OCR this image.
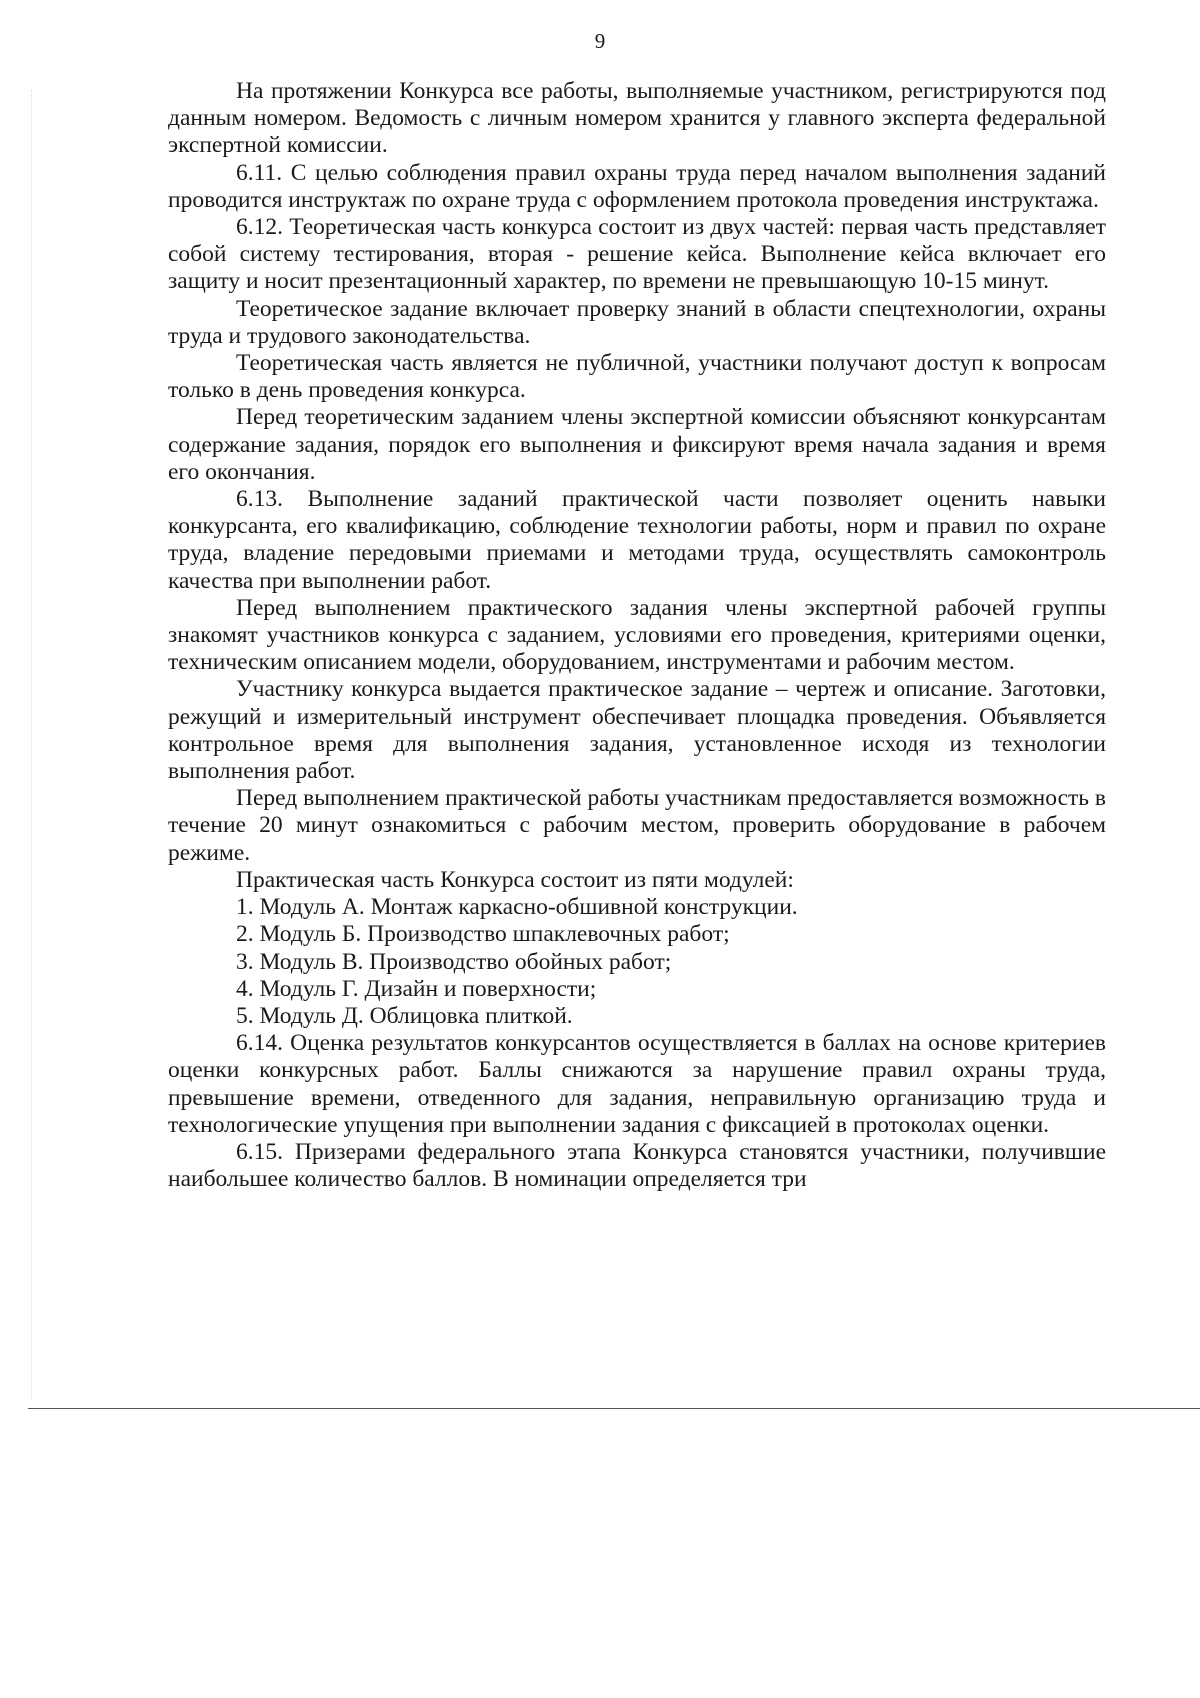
9

На протяжении Конкурса все работы, выполняемые участником, регистрируются под данным номером. Ведомость с личным номером хранится у главного эксперта федеральной экспертной комиссии.

6.11. С целью соблюдения правил охраны труда перед началом выполнения заданий проводится инструктаж по охране труда с оформлением протокола проведения инструктажа.

6.12. Теоретическая часть конкурса состоит из двух частей: первая часть представляет собой систему тестирования, вторая - решение кейса. Выполнение кейса включает его защиту и носит презентационный характер, по времени не превышающую 10-15 минут.

Теоретическое задание включает проверку знаний в области спецтехнологии, охраны труда и трудового законодательства.

Теоретическая часть является не публичной, участники получают доступ к вопросам только в день проведения конкурса.

Перед теоретическим заданием члены экспертной комиссии объясняют конкурсантам содержание задания, порядок его выполнения и фиксируют время начала задания и время его окончания.

6.13. Выполнение заданий практической части позволяет оценить навыки конкурсанта, его квалификацию, соблюдение технологии работы, норм и правил по охране труда, владение передовыми приемами и методами труда, осуществлять самоконтроль качества при выполнении работ.

Перед выполнением практического задания члены экспертной рабочей группы знакомят участников конкурса с заданием, условиями его проведения, критериями оценки, техническим описанием модели, оборудованием, инструментами и рабочим местом.

Участнику конкурса выдается практическое задание – чертеж и описание. Заготовки, режущий и измерительный инструмент обеспечивает площадка проведения. Объявляется контрольное время для выполнения задания, установленное исходя из технологии выполнения работ.

Перед выполнением практической работы участникам предоставляется возможность в течение 20 минут ознакомиться с рабочим местом, проверить оборудование в рабочем режиме.

Практическая часть Конкурса состоит из пяти модулей:

1. Модуль А. Монтаж каркасно-обшивной конструкции.

2. Модуль Б. Производство шпаклевочных работ;

3. Модуль В. Производство обойных работ;

4. Модуль Г. Дизайн и поверхности;

5. Модуль Д. Облицовка плиткой.

6.14. Оценка результатов конкурсантов осуществляется в баллах на основе критериев оценки конкурсных работ. Баллы снижаются за нарушение правил охраны труда, превышение времени, отведенного для задания, неправильную организацию труда и технологические упущения при выполнении задания с фиксацией в протоколах оценки.

6.15. Призерами федерального этапа Конкурса становятся участники, получившие наибольшее количество баллов. В номинации определяется три
